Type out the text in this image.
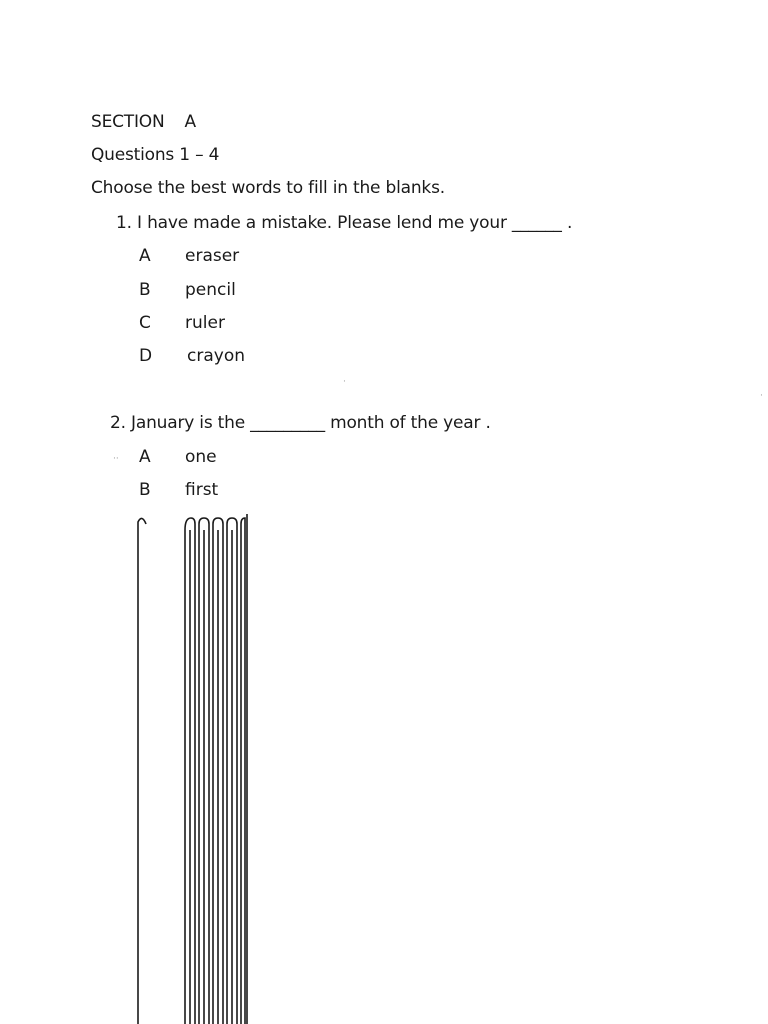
SECTION A
Questions 1 – 4
Choose the best words to fill in the blanks.
1. I have made a mistake. Please lend me your ______ .
A eraser
B pencil
C ruler
D crayon
·
·
2. January is the _________ month of the year .
·· A one
B first
